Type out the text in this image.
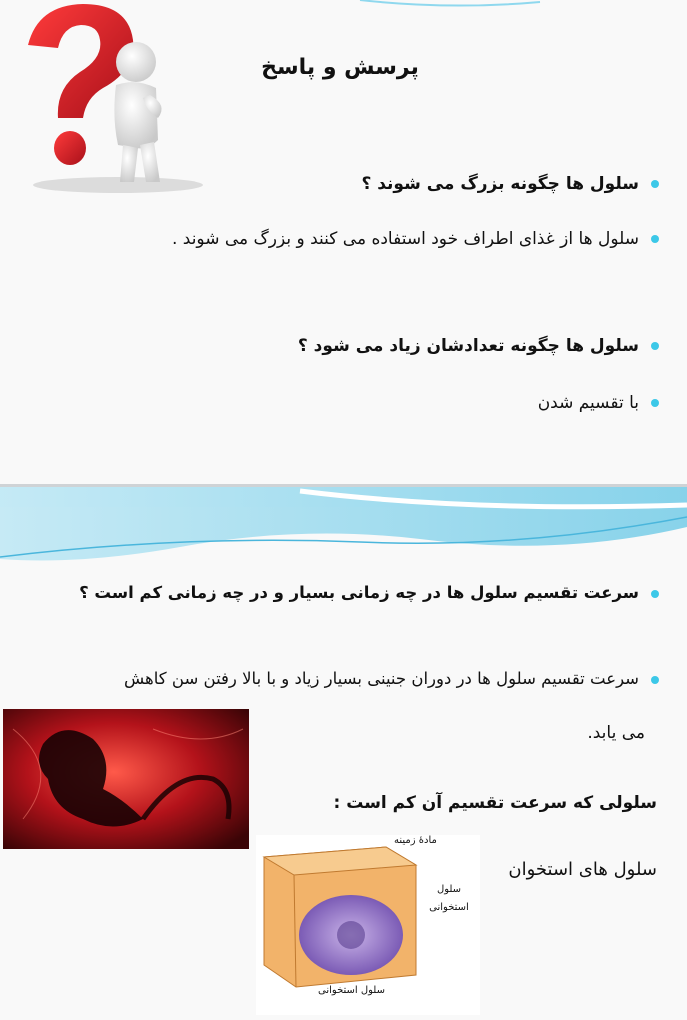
پرسش و پاسخ
سلول ها چگونه بزرگ می شوند ؟
سلول ها از غذای اطراف خود استفاده می کنند و بزرگ می شوند .
سلول ها چگونه تعدادشان زیاد می شود ؟
با تقسیم شدن
سرعت تقسیم سلول ها در چه زمانی بسیار و در چه زمانی کم است ؟
سرعت تقسیم سلول ها در دوران جنینی بسیار زیاد و با بالا رفتن سن کاهش
می یابد.
سلولی که سرعت تقسیم آن کم است :
سلول های استخوان
مادهٔ زمینه
سلول استخوانی
سلول استخوانی
